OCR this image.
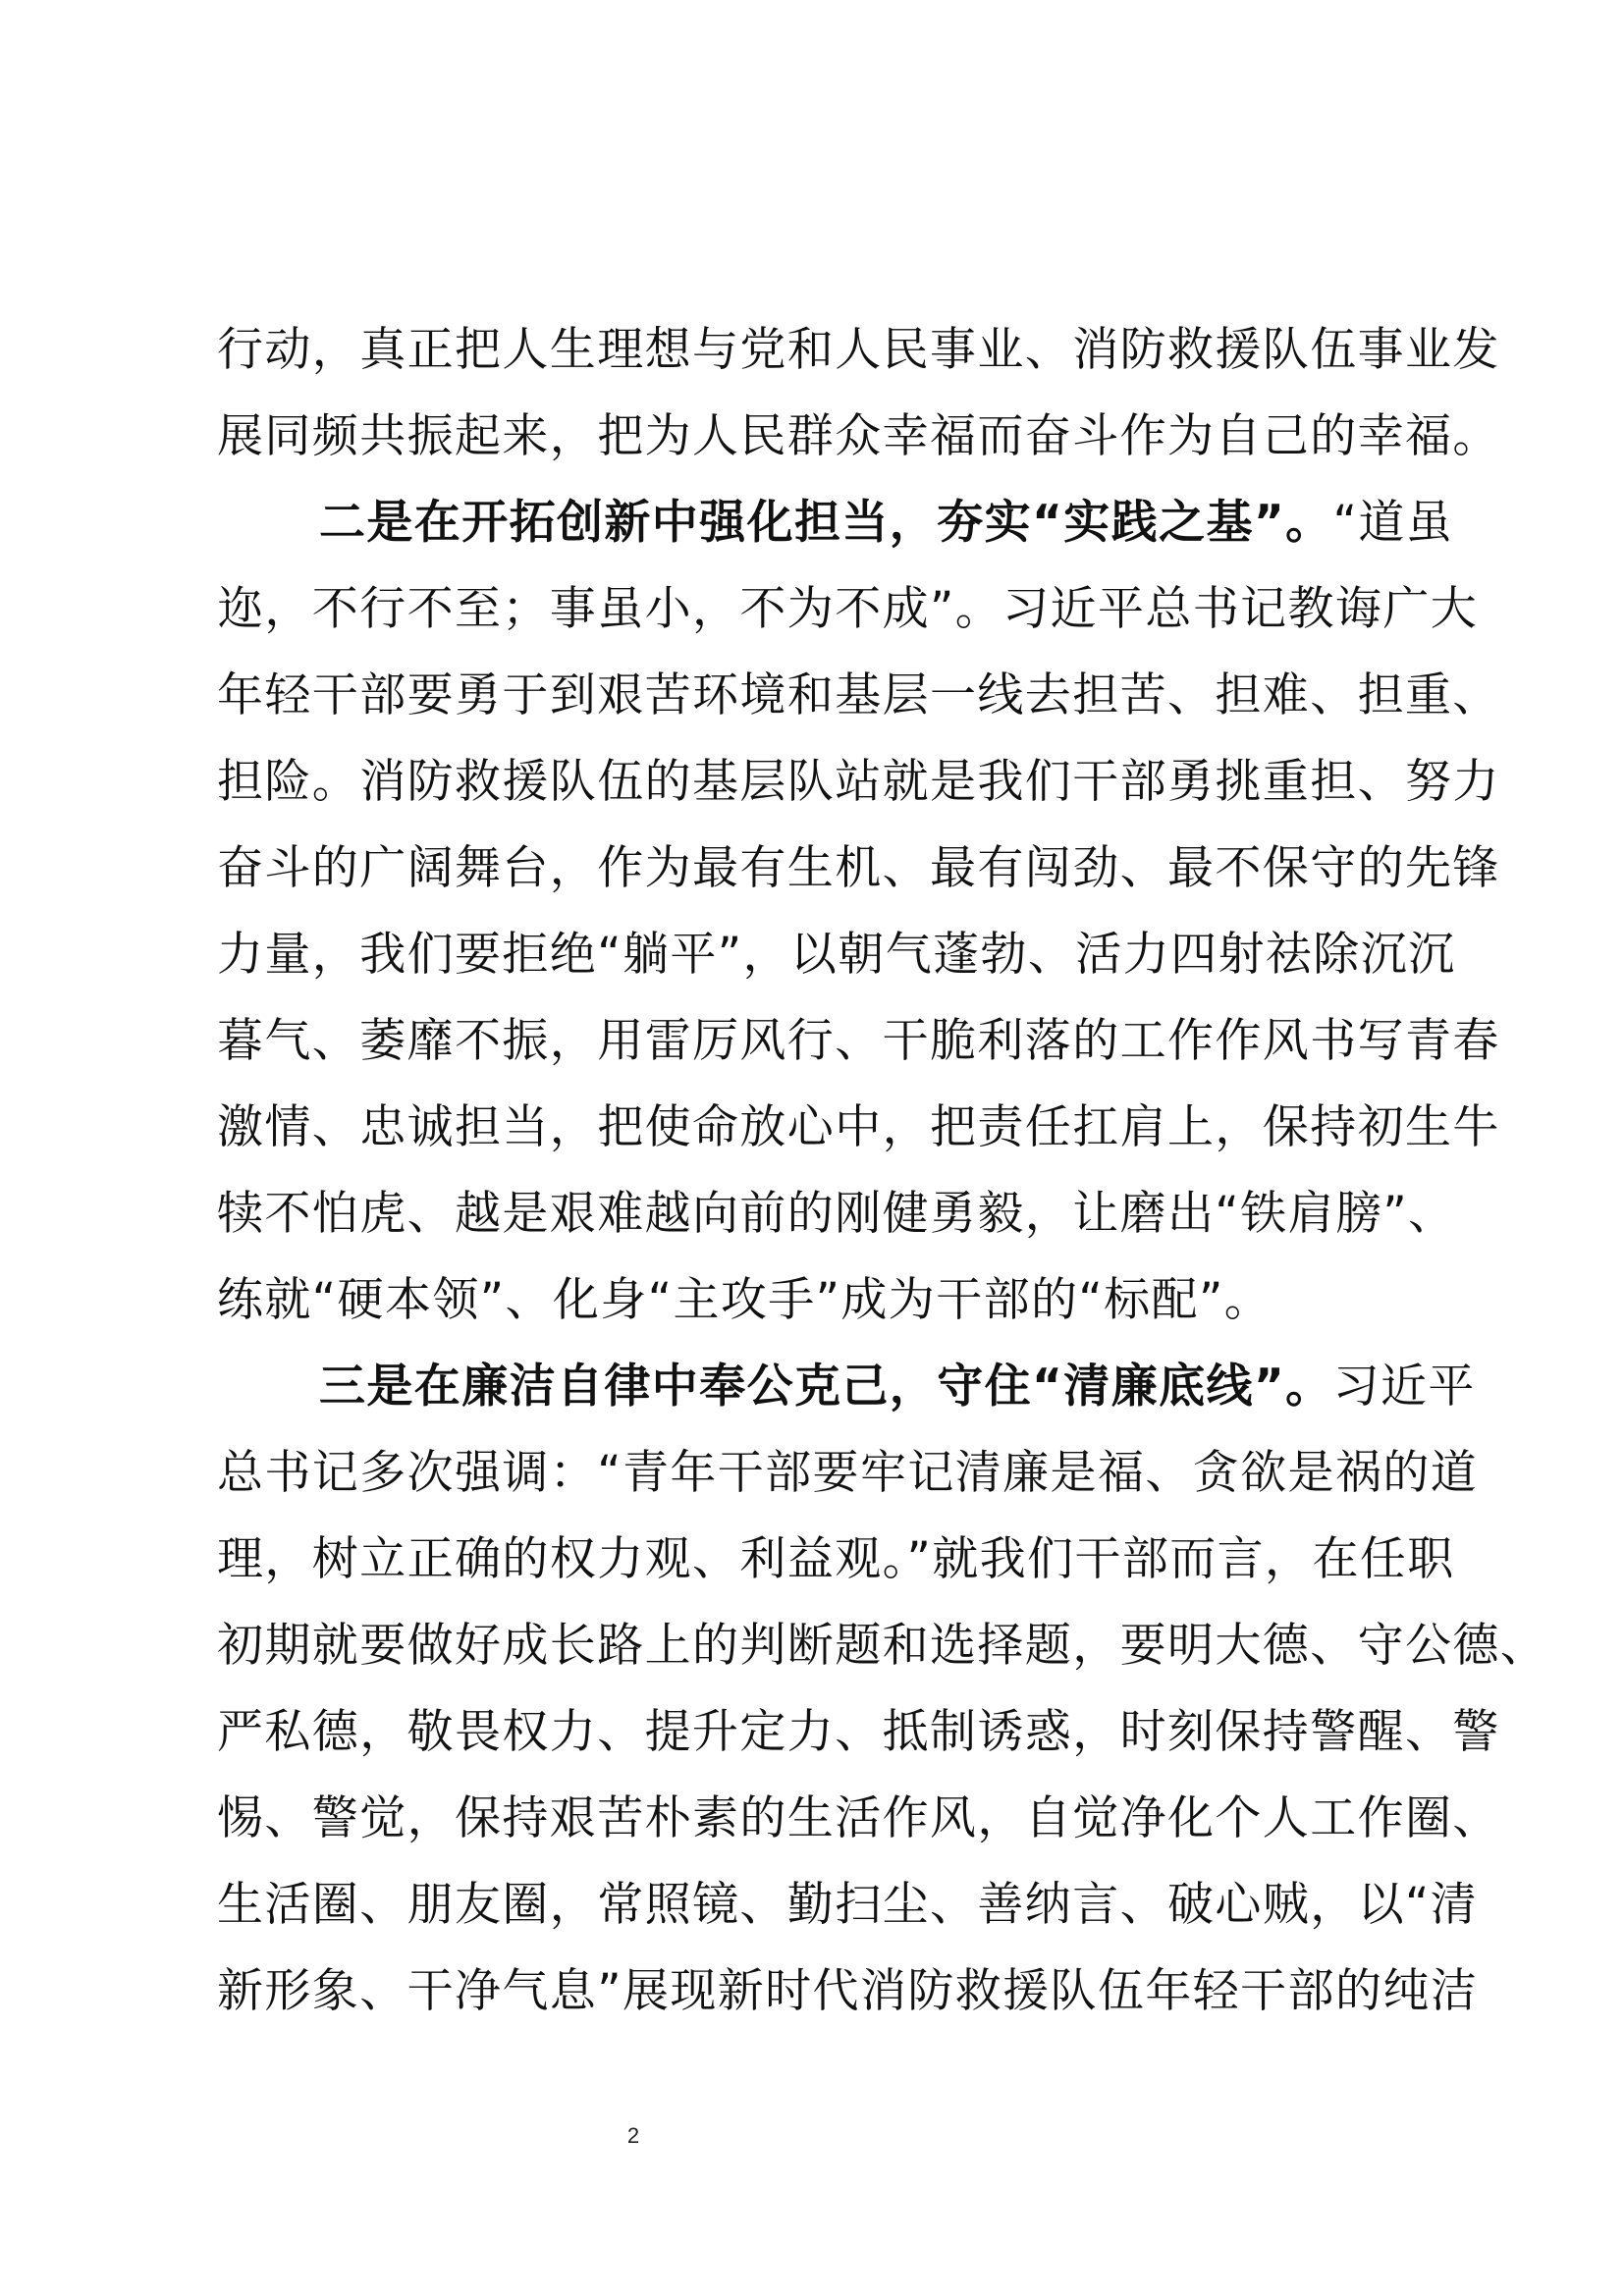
行动，真正把人生理想与党和人民事业、消防救援队伍事业发
展同频共振起来，把为人民群众幸福而奋斗作为自己的幸福。
二是在开拓创新中强化担当，夯实“实践之基”。“道虽
迩，不行不至；事虽小，不为不成”。习近平总书记教诲广大
年轻干部要勇于到艰苦环境和基层一线去担苦、担难、担重、
担险。消防救援队伍的基层队站就是我们干部勇挑重担、努力
奋斗的广阔舞台，作为最有生机、最有闯劲、最不保守的先锋
力量，我们要拒绝“躺平”，以朝气蓬勃、活力四射祛除沉沉
暮气、萎靡不振，用雷厉风行、干脆利落的工作作风书写青春
激情、忠诚担当，把使命放心中，把责任扛肩上，保持初生牛
犊不怕虎、越是艰难越向前的刚健勇毅，让磨出“铁肩膀”、
练就“硬本领”、化身“主攻手”成为干部的“标配”。
三是在廉洁自律中奉公克己，守住“清廉底线”。习近平
总书记多次强调：“青年干部要牢记清廉是福、贪欲是祸的道
理，树立正确的权力观、利益观。”就我们干部而言，在任职
初期就要做好成长路上的判断题和选择题，要明大德、守公德、
严私德，敬畏权力、提升定力、抵制诱惑，时刻保持警醒、警
惕、警觉，保持艰苦朴素的生活作风，自觉净化个人工作圈、
生活圈、朋友圈，常照镜、勤扫尘、善纳言、破心贼，以“清
新形象、干净气息”展现新时代消防救援队伍年轻干部的纯洁
2
